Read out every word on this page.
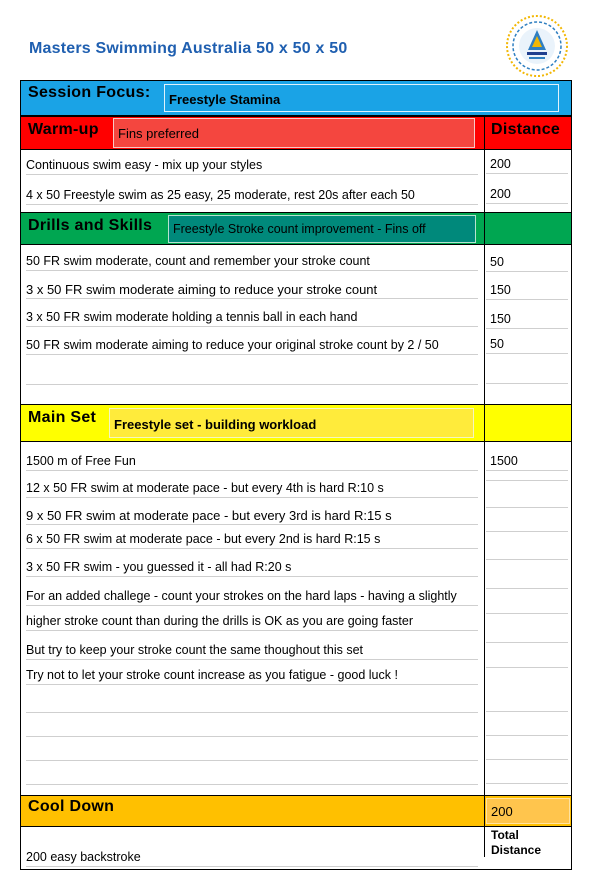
Masters Swimming Australia 50 x 50 x 50
Session Focus:	Freestyle Stamina
Warm-up	Fins preferred	Distance
Continuous swim easy - mix up your styles	200
4 x 50 Freestyle swim as 25 easy, 25 moderate, rest 20s after each 50	200
Drills and Skills	Freestyle Stroke count improvement - Fins off
50 FR swim moderate, count and remember your stroke count	50
3 x 50 FR swim moderate aiming to reduce your stroke count	150
3 x 50 FR swim moderate holding a tennis ball in each hand	150
50 FR swim moderate aiming to reduce your original stroke count by 2 / 50	50
Main Set	Freestyle set - building workload
1500 m of Free Fun	1500
12 x 50 FR swim at moderate pace - but every 4th is hard R:10 s
9 x 50 FR swim at moderate pace - but every 3rd is hard R:15 s
6 x 50 FR swim at moderate pace - but every 2nd is hard R:15 s
3 x 50 FR swim - you guessed it - all had R:20 s
For an added challege - count your strokes on the hard laps - having a slightly
higher stroke count than during the drills is OK as you are going faster
But try to keep your stroke count the same thoughout this set
Try not to let your stroke count increase as you fatigue - good luck !
Cool Down	200
200 easy backstroke
Total Distance
